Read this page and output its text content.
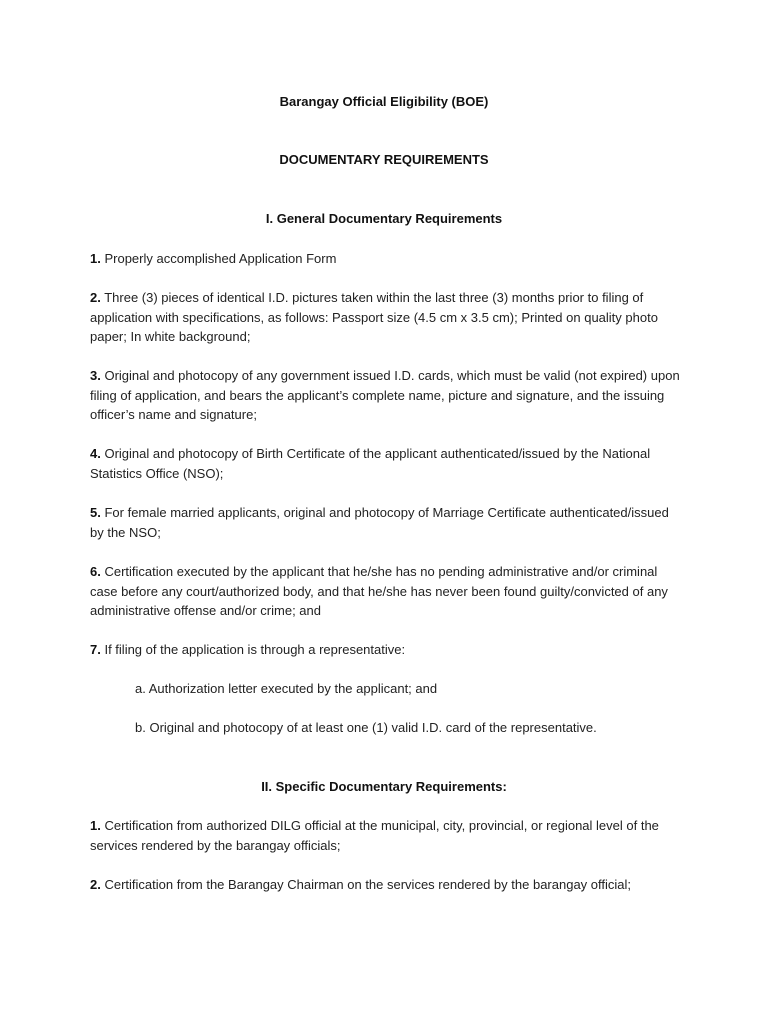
Barangay Official Eligibility (BOE)
DOCUMENTARY REQUIREMENTS
I. General Documentary Requirements
1. Properly accomplished Application Form
2. Three (3) pieces of identical I.D. pictures taken within the last three (3) months prior to filing of application with specifications, as follows: Passport size (4.5 cm x 3.5 cm); Printed on quality photo paper; In white background;
3. Original and photocopy of any government issued I.D. cards, which must be valid (not expired) upon filing of application, and bears the applicant’s complete name, picture and signature, and the issuing officer’s name and signature;
4. Original and photocopy of Birth Certificate of the applicant authenticated/issued by the National Statistics Office (NSO);
5. For female married applicants, original and photocopy of Marriage Certificate authenticated/issued by the NSO;
6. Certification executed by the applicant that he/she has no pending administrative and/or criminal case before any court/authorized body, and that he/she has never been found guilty/convicted of any administrative offense and/or crime; and
7. If filing of the application is through a representative:
a. Authorization letter executed by the applicant; and
b. Original and photocopy of at least one (1) valid I.D. card of the representative.
II. Specific Documentary Requirements:
1. Certification from authorized DILG official at the municipal, city, provincial, or regional level of the services rendered by the barangay officials;
2. Certification from the Barangay Chairman on the services rendered by the barangay official;
